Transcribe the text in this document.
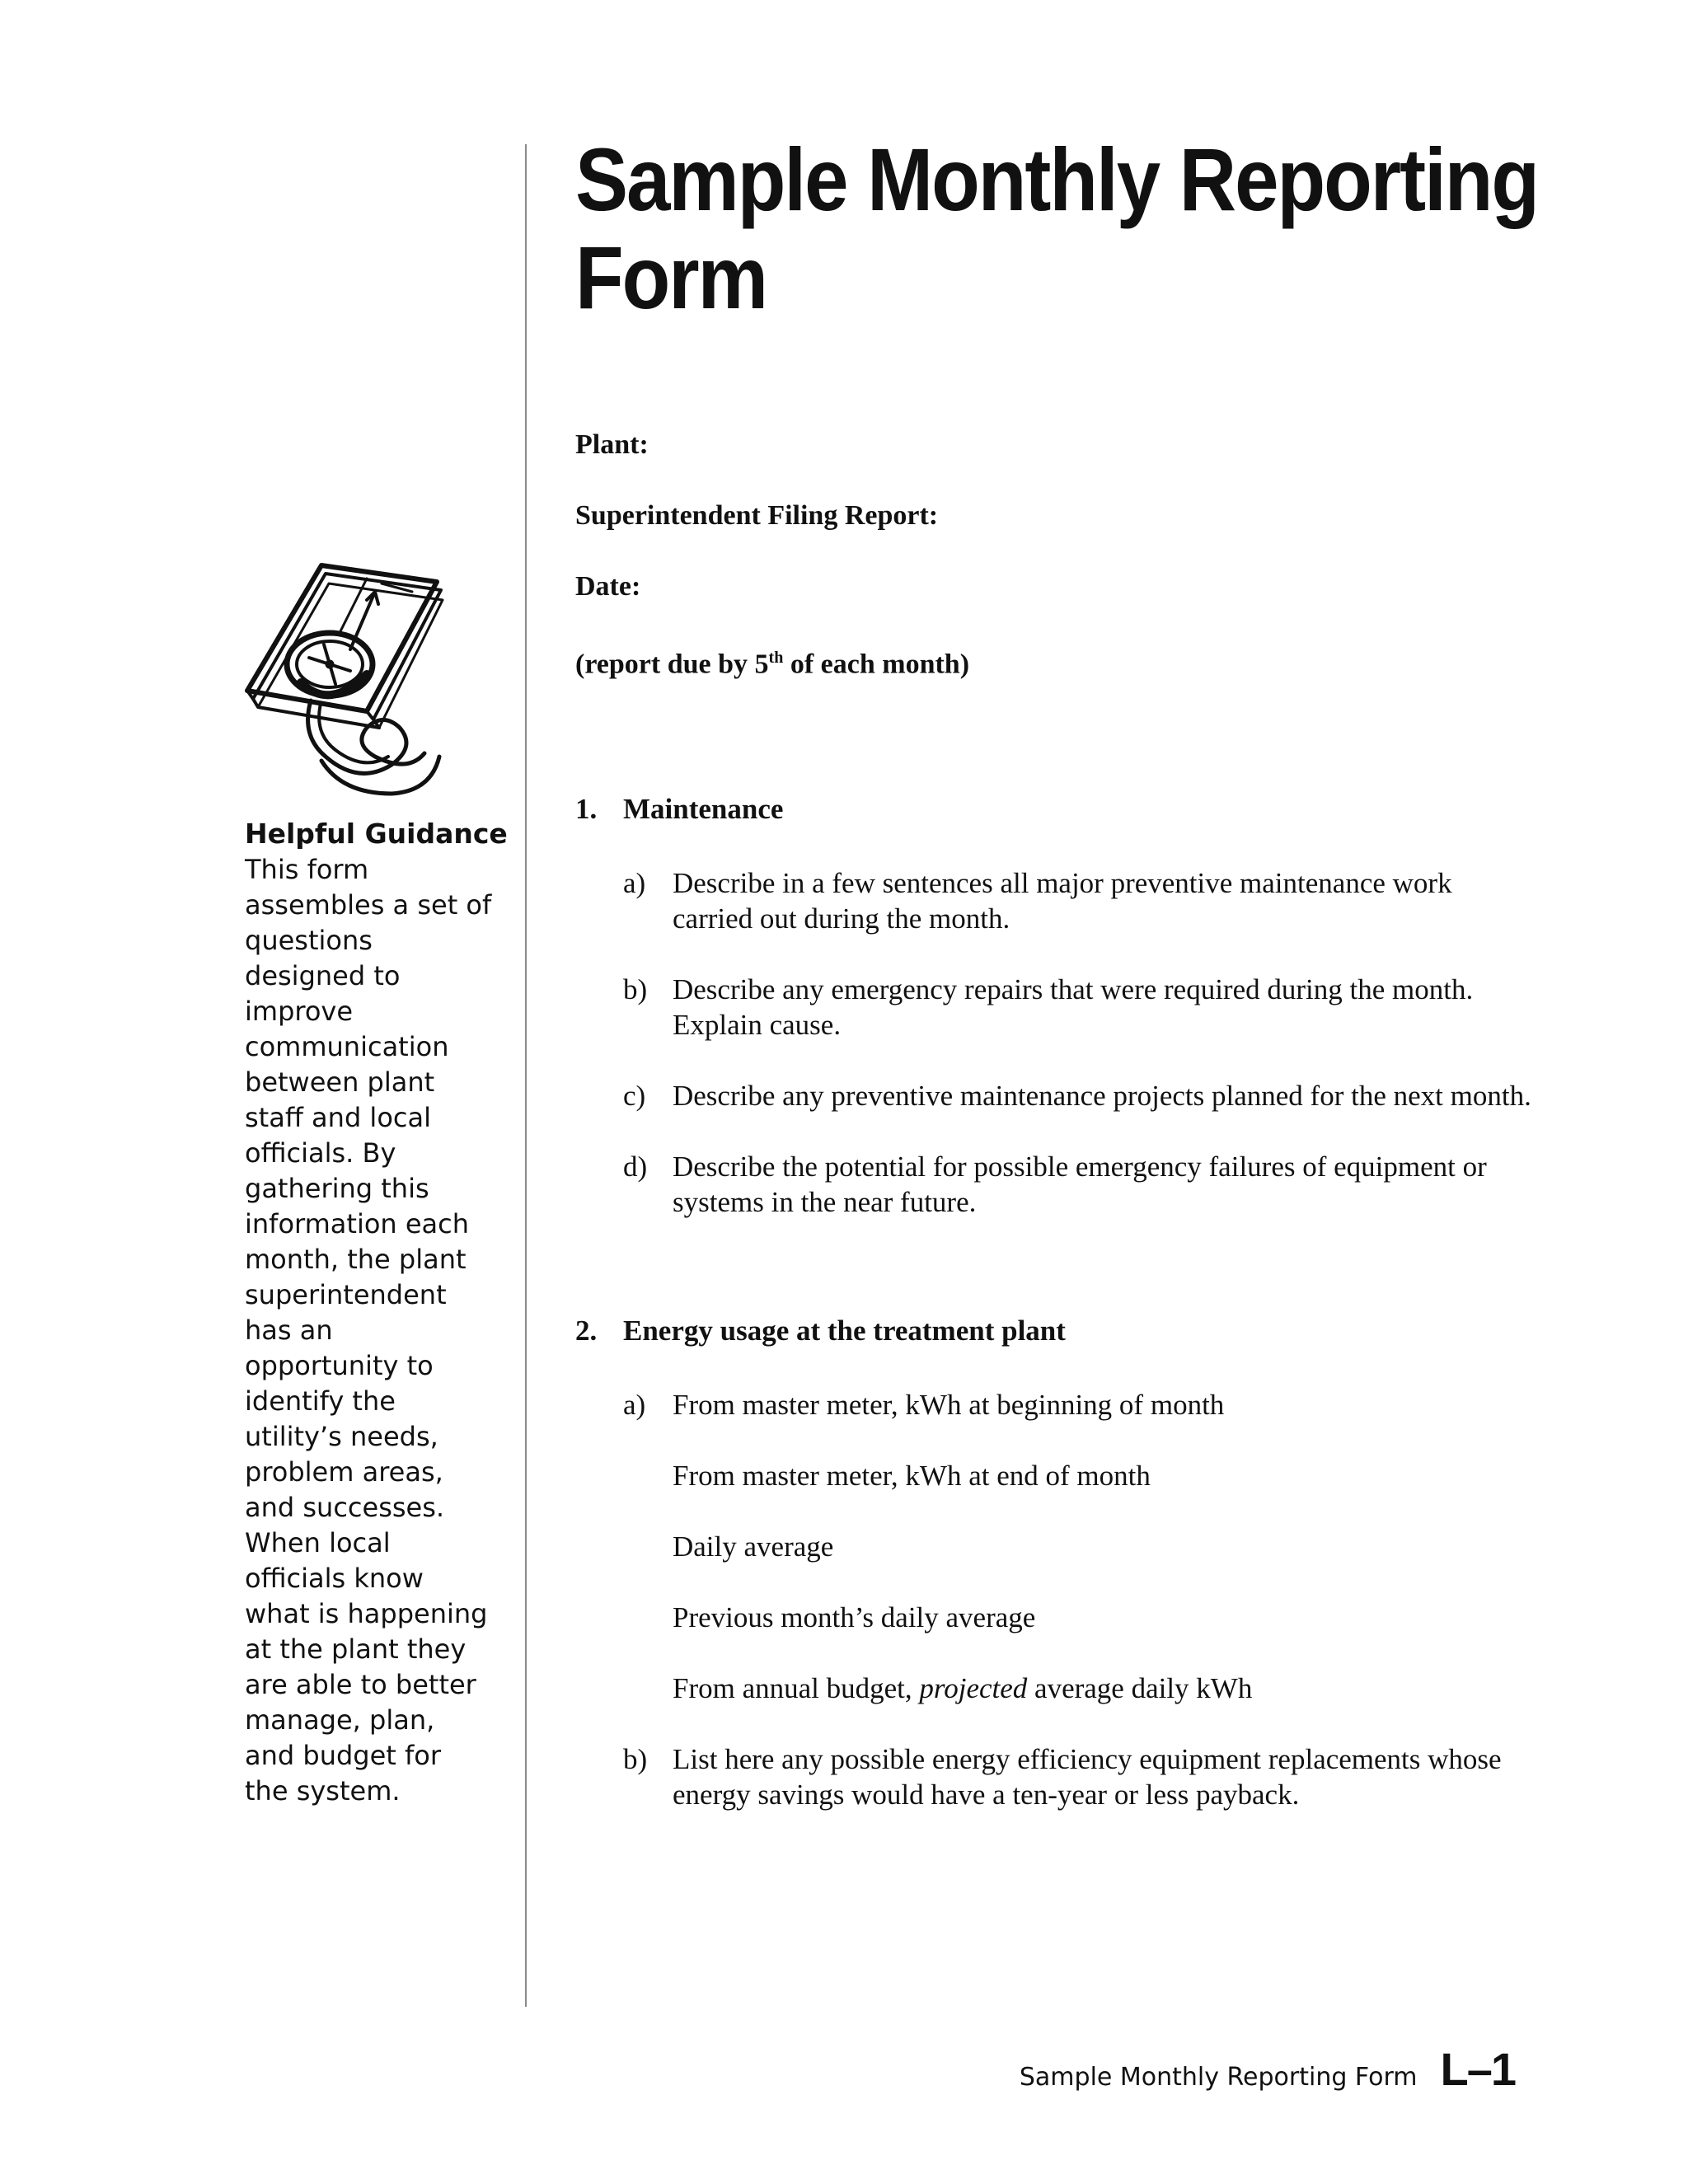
Sample Monthly Reporting Form
Helpful Guidance
This form assembles a set of questions designed to improve communication between plant staff and local officials. By gathering this information each month, the plant superintendent has an opportunity to identify the utility’s needs, problem areas, and successes. When local officials know what is happening at the plant they are able to better manage, plan, and budget for the system.
Plant:
Superintendent Filing Report:
Date:
(report due by 5th of each month)
1. Maintenance
a) Describe in a few sentences all major preventive maintenance work carried out during the month.
b) Describe any emergency repairs that were required during the month. Explain cause.
c) Describe any preventive maintenance projects planned for the next month.
d) Describe the potential for possible emergency failures of equipment or systems in the near future.
2. Energy usage at the treatment plant
a) From master meter, kWh at beginning of month
From master meter, kWh at end of month
Daily average
Previous month’s daily average
From annual budget, projected average daily kWh
b) List here any possible energy efficiency equipment replacements whose energy savings would have a ten-year or less payback.
Sample Monthly Reporting Form L–1
